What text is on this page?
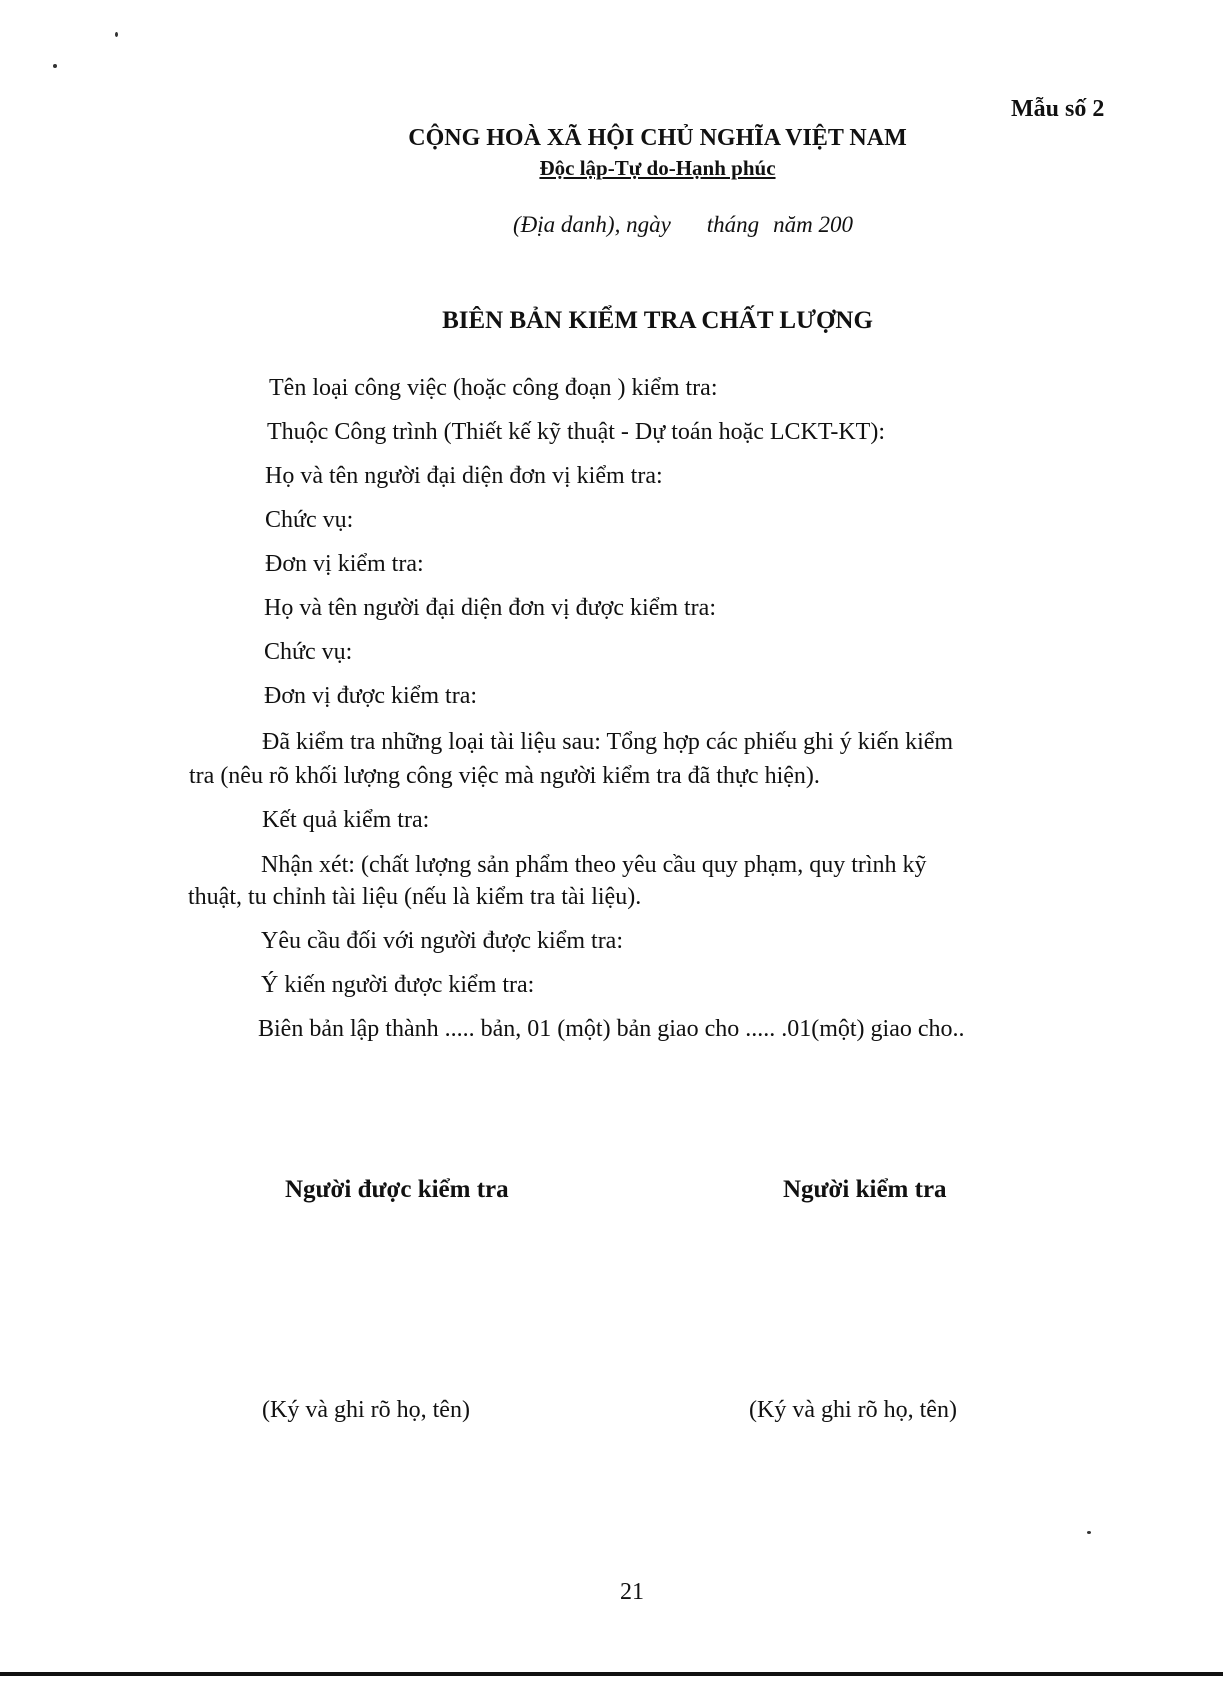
Mẫu số 2
CỘNG HOÀ XÃ HỘI CHỦ NGHĨA VIỆT NAM
Độc lập-Tự do-Hạnh phúc
(Địa danh), ngày tháng năm 200
BIÊN BẢN KIỂM TRA CHẤT LƯỢNG
Tên loại công việc (hoặc công đoạn ) kiểm tra:
Thuộc Công trình (Thiết kế kỹ thuật - Dự toán hoặc LCKT-KT):
Họ và tên người đại diện đơn vị kiểm tra:
Chức vụ:
Đơn vị kiểm tra:
Họ và tên người đại diện đơn vị được kiểm tra:
Chức vụ:
Đơn vị được kiểm tra:
Đã kiểm tra những loại tài liệu sau: Tổng hợp các phiếu ghi ý kiến kiểm
tra (nêu rõ khối lượng công việc mà người kiểm tra đã thực hiện).
Kết quả kiểm tra:
Nhận xét: (chất lượng sản phẩm theo yêu cầu quy phạm, quy trình kỹ
thuật, tu chỉnh tài liệu (nếu là kiểm tra tài liệu).
Yêu cầu đối với người được kiểm tra:
Ý kiến người được kiểm tra:
Biên bản lập thành ..... bản, 01 (một) bản giao cho ..... .01(một) giao cho..
Người được kiểm tra	Người kiểm tra
(Ký và ghi rõ họ, tên)	(Ký và ghi rõ họ, tên)
21
